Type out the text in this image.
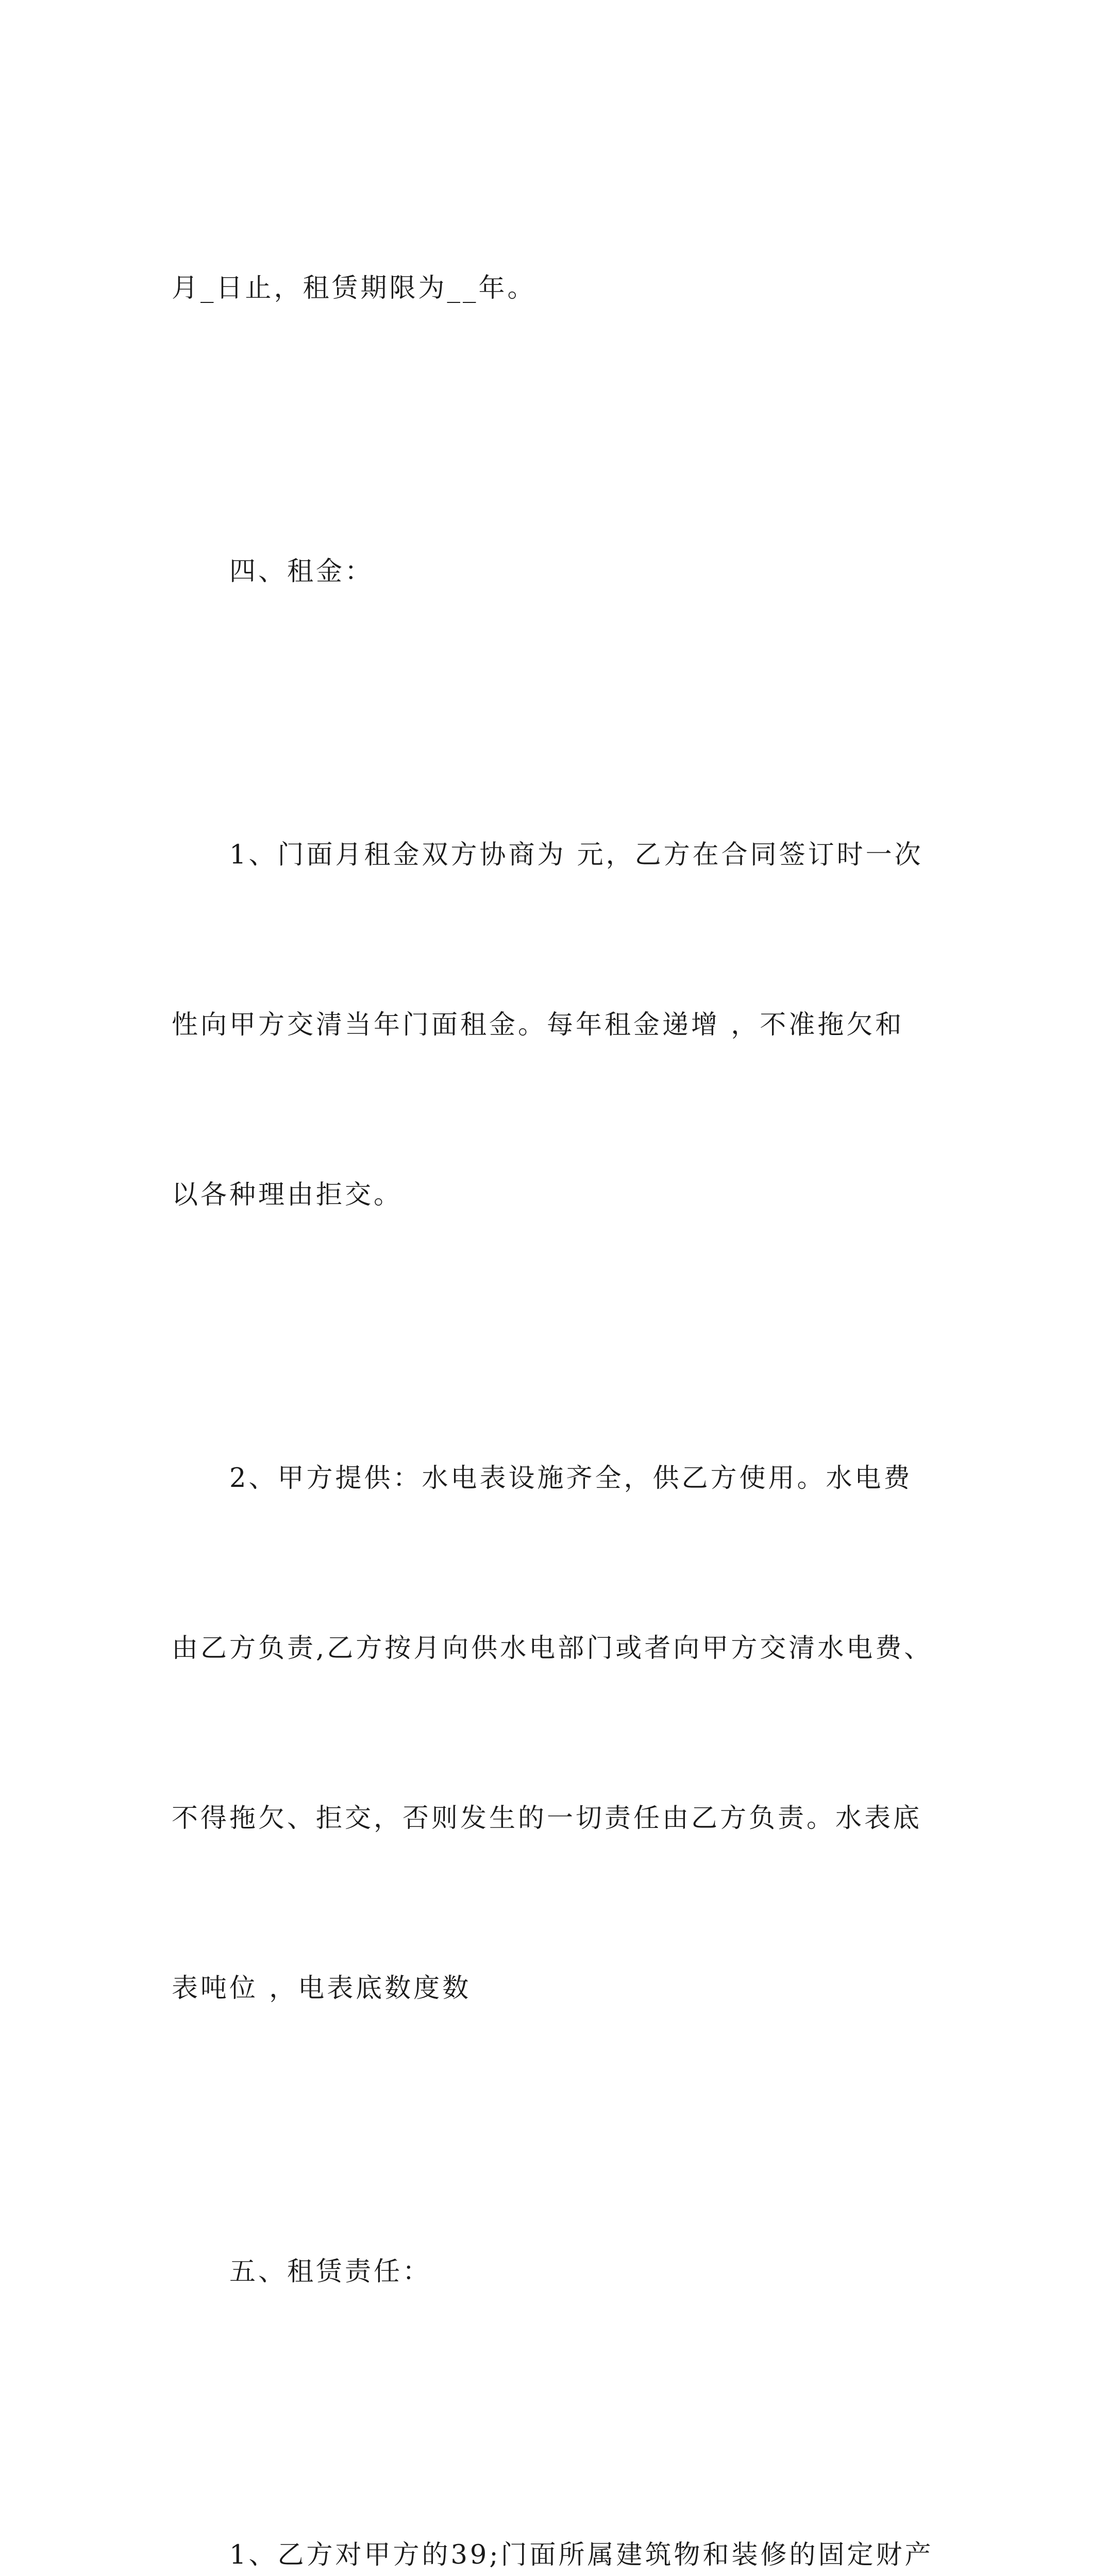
月_日止，租赁期限为__年。

四、租金：

1、门面月租金双方协商为 元，乙方在合同签订时一次

性向甲方交清当年门面租金。每年租金递增 ，不准拖欠和

以各种理由拒交。

2、甲方提供：水电表设施齐全，供乙方使用。水电费

由乙方负责,乙方按月向供水电部门或者向甲方交清水电费、

不得拖欠、拒交，否则发生的一切责任由乙方负责。水表底

表吨位 ，电表底数度数

五、租赁责任：

1、乙方对甲方的39;门面所属建筑物和装修的固定财产
